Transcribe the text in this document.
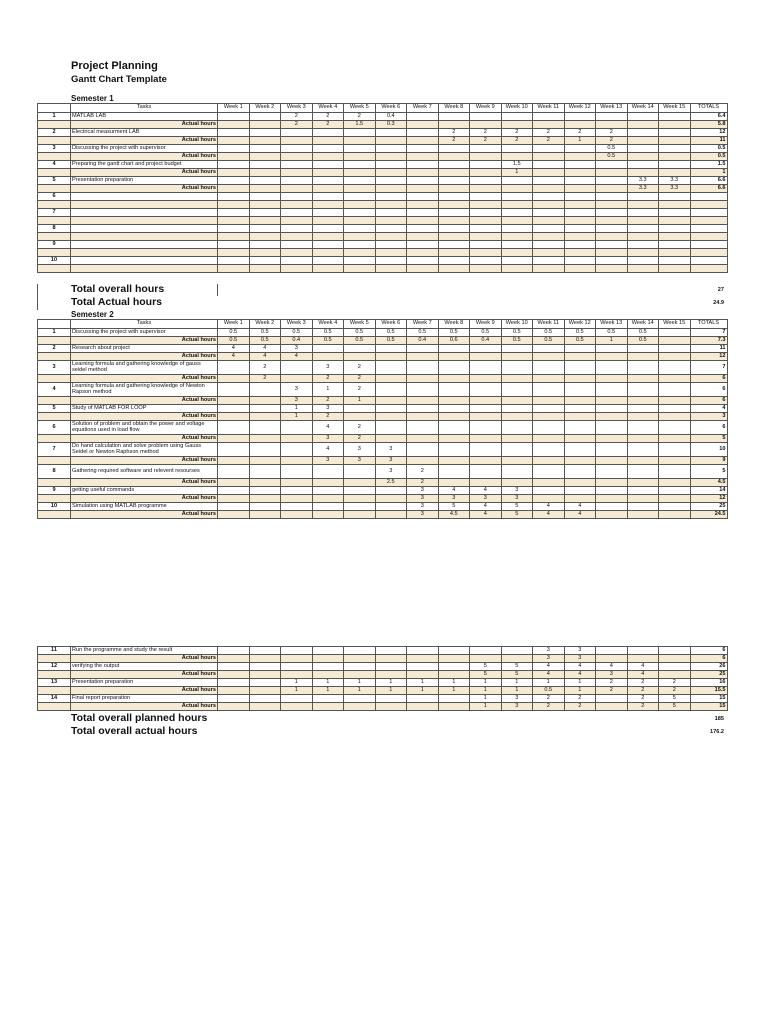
Project Planning
Gantt Chart Template
Semester 1
	Tasks	Week 1	Week 2	Week 3	Week 4	Week 5	Week 6	Week 7	Week 8	Week 9	Week 10	Week 11	Week 12	Week 13	Week 14	Week 15	TOTALS
1	MATLAB LAB			2	2	2	0.4										6.4
	Actual hours			2	2	1.5	0.3										5.8
2	Electrical measurment LAB								2	2	2	2	2	2			12
	Actual hours								2	2	2	2	1	2			11
3	Discussing the project with supervisor													0.5			0.5
	Actual hours													0.5			0.5
4	Preparing the gantt chart and project budget										1.5						1.5
	Actual hours										1						1
5	Presentation preparation														3.3	3.3	6.6
	Actual hours														3.3	3.3	6.6
6																	

7																	

8																	

9																	

10																	

Total overall hours	27
Total Actual hours	24.9
Semester 2
	Tasks	Week 1	Week 2	Week 3	Week 4	Week 5	Week 6	Week 7	Week 8	Week 9	Week 10	Week 11	Week 12	Week 13	Week 14	Week 15	TOTALS
1	Discussing the project with supervisor	0.5	0.5	0.5	0.5	0.5	0.5	0.5	0.5	0.5	0.5	0.5	0.5	0.5	0.5		7
	Actual hours	0.5	0.5	0.4	0.5	0.5	0.5	0.4	0.6	0.4	0.5	0.5	0.5	1	0.5		7.3
2	Research about project	4	4	3													11
	Actual hours	4	4	4													12
3	Learning formula and gathering knowledge of gauss seidel method		2		3	2											7
	Actual hours		2		2	2											6
4	Learning formula and gathering knowledge of Newton Rapson method			3	1	2											6
	Actual hours			3	2	1											6
5	Study of MATLAB FOR LOOP			1	3												4
	Actual hours			1	2												3
6	Solution of problem and obtain the power and voltage equations used in load flow				4	2											6
	Actual hours				3	2											5
7	Do hand calculation and solve problem using Gauss Seidel or Newton Raphson method				4	3	3										10
	Actual hours				3	3	3										9
8	Gathering required software and relevent resourses						3	2									5
	Actual hours						2.5	2									4.5
9	getting useful commands							3	4	4	3						14
	Actual hours							3	3	3	3						12
10	Simulation using MATLAB programme							3	5	4	5	4	4				25
	Actual hours							3	4.5	4	5	4	4				24.5
11	Run the programme and study the result											3	3				6
	Actual hours											3	3				6
12	verifying the output									5	5	4	4	4	4		26
	Actual hours									5	5	4	4	3	4		25
13	Presentation preparation			1	1	1	1	1	1	1	1	1	1	2	2	2	16
	Actual hours			1	1	1	1	1	1	1	1	0.5	1	2	2	2	15.5
14	Final report preparation									1	3	2	2		2	5	15
	Actual hours									1	3	2	2		2	5	15
Total overall planned hours	185
Total overall actual hours	176.2
